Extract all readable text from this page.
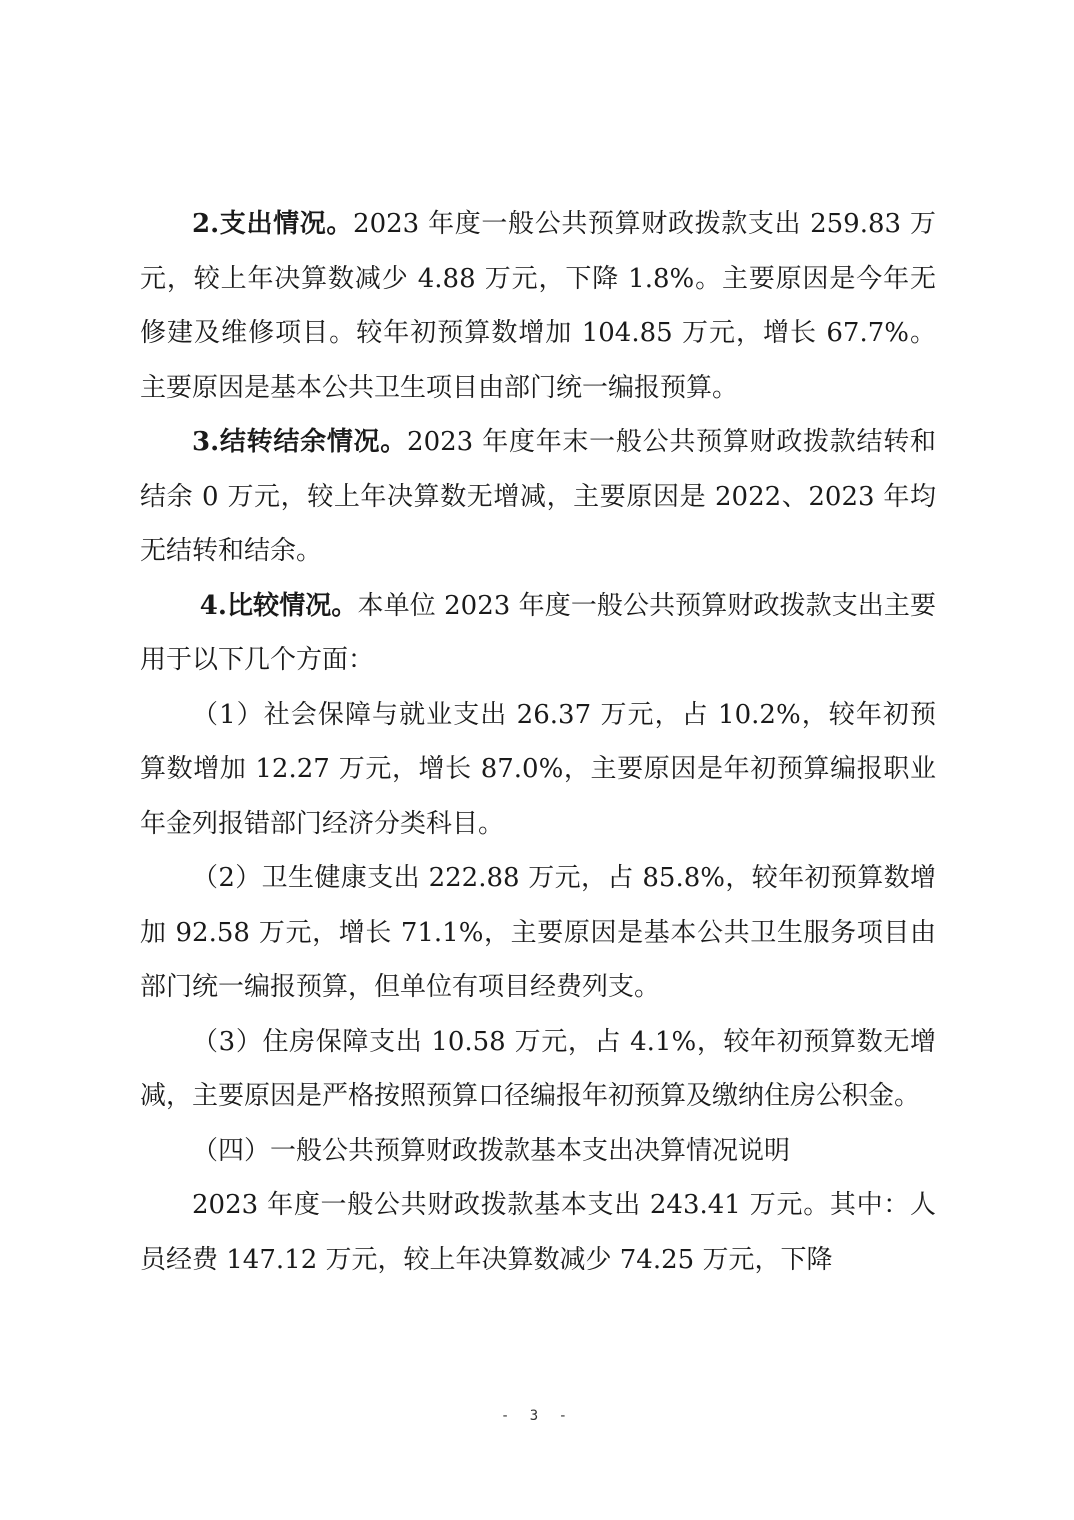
2.支出情况。2023 年度一般公共预算财政拨款支出 259.83 万元，较上年决算数减少 4.88 万元，下降 1.8%。主要原因是今年无修建及维修项目。较年初预算数增加 104.85 万元，增长 67.7%。主要原因是基本公共卫生项目由部门统一编报预算。

3.结转结余情况。2023 年度年末一般公共预算财政拨款结转和结余 0 万元，较上年决算数无增减，主要原因是 2022、2023 年均无结转和结余。

4.比较情况。本单位 2023 年度一般公共预算财政拨款支出主要用于以下几个方面：

（1）社会保障与就业支出 26.37 万元，占 10.2%，较年初预算数增加 12.27 万元，增长 87.0%，主要原因是年初预算编报职业年金列报错部门经济分类科目。

（2）卫生健康支出 222.88 万元，占 85.8%，较年初预算数增加 92.58 万元，增长 71.1%，主要原因是基本公共卫生服务项目由部门统一编报预算，但单位有项目经费列支。

（3）住房保障支出 10.58 万元，占 4.1%，较年初预算数无增减，主要原因是严格按照预算口径编报年初预算及缴纳住房公积金。

（四）一般公共预算财政拨款基本支出决算情况说明

2023 年度一般公共财政拨款基本支出 243.41 万元。其中：人员经费 147.12 万元，较上年决算数减少 74.25 万元，下降

- 3 -
